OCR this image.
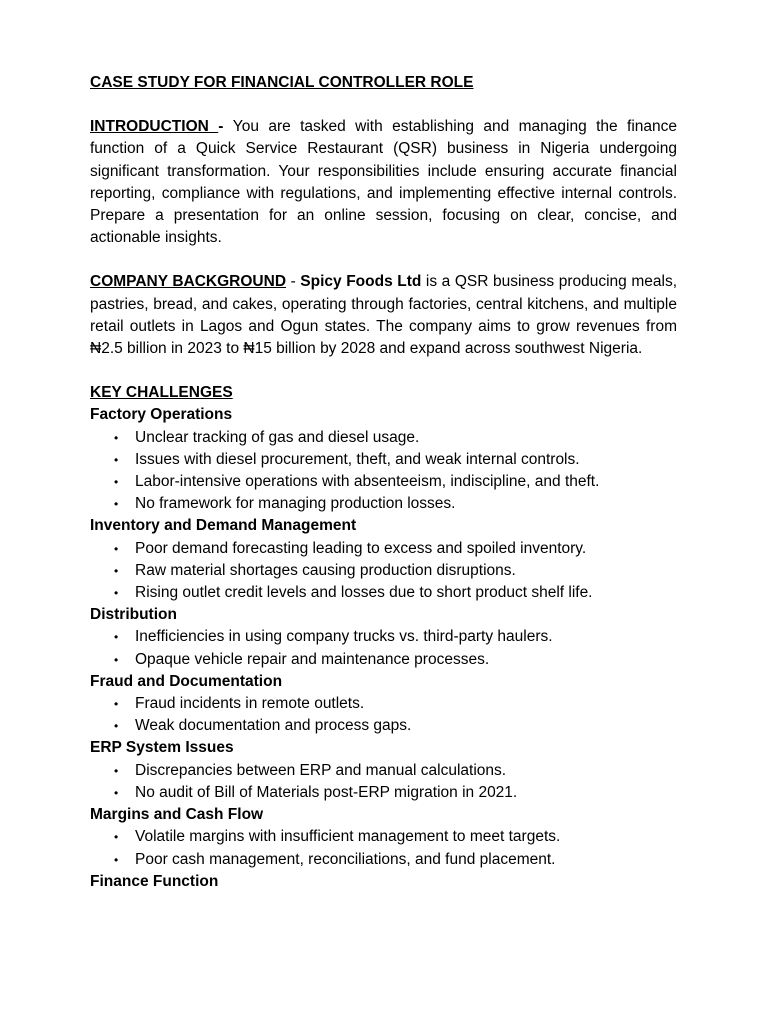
CASE STUDY FOR FINANCIAL CONTROLLER ROLE

INTRODUCTION - You are tasked with establishing and managing the finance function of a Quick Service Restaurant (QSR) business in Nigeria undergoing significant transformation. Your responsibilities include ensuring accurate financial reporting, compliance with regulations, and implementing effective internal controls. Prepare a presentation for an online session, focusing on clear, concise, and actionable insights.

COMPANY BACKGROUND - Spicy Foods Ltd is a QSR business producing meals, pastries, bread, and cakes, operating through factories, central kitchens, and multiple retail outlets in Lagos and Ogun states. The company aims to grow revenues from ₦2.5 billion in 2023 to ₦15 billion by 2028 and expand across southwest Nigeria.

KEY CHALLENGES

Factory Operations

• Unclear tracking of gas and diesel usage.
• Issues with diesel procurement, theft, and weak internal controls.
• Labor-intensive operations with absenteeism, indiscipline, and theft.
• No framework for managing production losses.

Inventory and Demand Management

• Poor demand forecasting leading to excess and spoiled inventory.
• Raw material shortages causing production disruptions.
• Rising outlet credit levels and losses due to short product shelf life.

Distribution

• Inefficiencies in using company trucks vs. third-party haulers.
• Opaque vehicle repair and maintenance processes.

Fraud and Documentation

• Fraud incidents in remote outlets.
• Weak documentation and process gaps.

ERP System Issues

• Discrepancies between ERP and manual calculations.
• No audit of Bill of Materials post-ERP migration in 2021.

Margins and Cash Flow

• Volatile margins with insufficient management to meet targets.
• Poor cash management, reconciliations, and fund placement.

Finance Function
